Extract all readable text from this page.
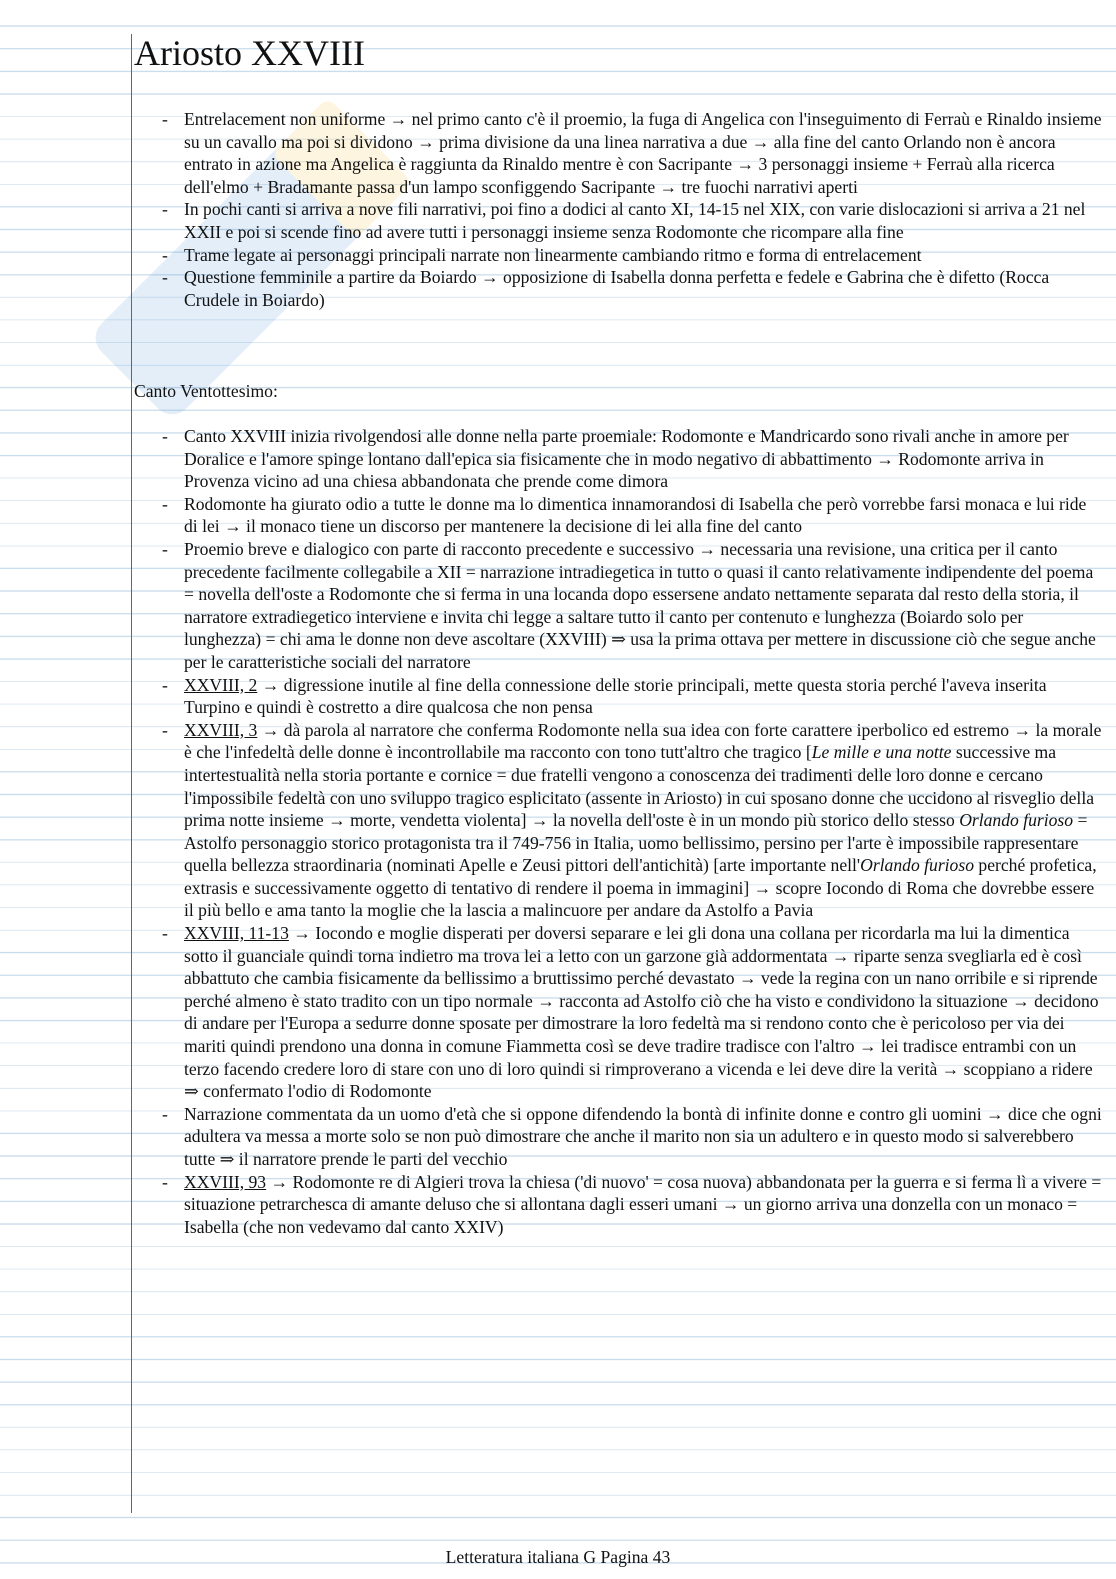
Ariosto XXVIII
- Entrelacement non uniforme → nel primo canto c'è il proemio, la fuga di Angelica con l'inseguimento di Ferraù e Rinaldo insieme su un cavallo ma poi si dividono → prima divisione da una linea narrativa a due → alla fine del canto Orlando non è ancora entrato in azione ma Angelica è raggiunta da Rinaldo mentre è con Sacripante → 3 personaggi insieme + Ferraù alla ricerca dell'elmo + Bradamante passa d'un lampo sconfiggendo Sacripante → tre fuochi narrativi aperti
- In pochi canti si arriva a nove fili narrativi, poi fino a dodici al canto XI, 14-15 nel XIX, con varie dislocazioni si arriva a 21 nel XXII e poi si scende fino ad avere tutti i personaggi insieme senza Rodomonte che ricompare alla fine
- Trame legate ai personaggi principali narrate non linearmente cambiando ritmo e forma di entrelacement
- Questione femminile a partire da Boiardo → opposizione di Isabella donna perfetta e fedele e Gabrina che è difetto (Rocca Crudele in Boiardo)
Canto Ventottesimo:
- Canto XXVIII inizia rivolgendosi alle donne nella parte proemiale: Rodomonte e Mandricardo sono rivali anche in amore per Doralice e l'amore spinge lontano dall'epica sia fisicamente che in modo negativo di abbattimento → Rodomonte arriva in Provenza vicino ad una chiesa abbandonata che prende come dimora
- Rodomonte ha giurato odio a tutte le donne ma lo dimentica innamorandosi di Isabella che però vorrebbe farsi monaca e lui ride di lei → il monaco tiene un discorso per mantenere la decisione di lei alla fine del canto
- Proemio breve e dialogico con parte di racconto precedente e successivo → necessaria una revisione, una critica per il canto precedente facilmente collegabile a XII = narrazione intradiegetica in tutto o quasi il canto relativamente indipendente del poema = novella dell'oste a Rodomonte che si ferma in una locanda dopo essersene andato nettamente separata dal resto della storia, il narratore extradiegetico interviene e invita chi legge a saltare tutto il canto per contenuto e lunghezza (Boiardo solo per lunghezza) = chi ama le donne non deve ascoltare (XXVIII) ⇒ usa la prima ottava per mettere in discussione ciò che segue anche per le caratteristiche sociali del narratore
- XXVIII, 2 → digressione inutile al fine della connessione delle storie principali, mette questa storia perché l'aveva inserita Turpino e quindi è costretto a dire qualcosa che non pensa
- XXVIII, 3 → dà parola al narratore che conferma Rodomonte nella sua idea con forte carattere iperbolico ed estremo → la morale è che l'infedeltà delle donne è incontrollabile ma racconto con tono tutt'altro che tragico [Le mille e una notte successive ma intertestualità nella storia portante e cornice = due fratelli vengono a conoscenza dei tradimenti delle loro donne e cercano l'impossibile fedeltà con uno sviluppo tragico esplicitato (assente in Ariosto) in cui sposano donne che uccidono al risveglio della prima notte insieme → morte, vendetta violenta] → la novella dell'oste è in un mondo più storico dello stesso Orlando furioso = Astolfo personaggio storico protagonista tra il 749-756 in Italia, uomo bellissimo, persino per l'arte è impossibile rappresentare quella bellezza straordinaria (nominati Apelle e Zeusi pittori dell'antichità) [arte importante nell'Orlando furioso perché profetica, extrasis e successivamente oggetto di tentativo di rendere il poema in immagini] → scopre Iocondo di Roma che dovrebbe essere il più bello e ama tanto la moglie che la lascia a malincuore per andare da Astolfo a Pavia
- XXVIII, 11-13 → Iocondo e moglie disperati per doversi separare e lei gli dona una collana per ricordarla ma lui la dimentica sotto il guanciale quindi torna indietro ma trova lei a letto con un garzone già addormentata → riparte senza svegliarla ed è così abbattuto che cambia fisicamente da bellissimo a bruttissimo perché devastato → vede la regina con un nano orribile e si riprende perché almeno è stato tradito con un tipo normale → racconta ad Astolfo ciò che ha visto e condividono la situazione → decidono di andare per l'Europa a sedurre donne sposate per dimostrare la loro fedeltà ma si rendono conto che è pericoloso per via dei mariti quindi prendono una donna in comune Fiammetta così se deve tradire tradisce con l'altro → lei tradisce entrambi con un terzo facendo credere loro di stare con uno di loro quindi si rimproverano a vicenda e lei deve dire la verità → scoppiano a ridere ⇒ confermato l'odio di Rodomonte
- Narrazione commentata da un uomo d'età che si oppone difendendo la bontà di infinite donne e contro gli uomini → dice che ogni adultera va messa a morte solo se non può dimostrare che anche il marito non sia un adultero e in questo modo si salverebbero tutte ⇒ il narratore prende le parti del vecchio
- XXVIII, 93 → Rodomonte re di Algieri trova la chiesa ('di nuovo' = cosa nuova) abbandonata per la guerra e si ferma lì a vivere = situazione petrarchesca di amante deluso che si allontana dagli esseri umani → un giorno arriva una donzella con un monaco = Isabella (che non vedevamo dal canto XXIV)
Letteratura italiana G Pagina 43
